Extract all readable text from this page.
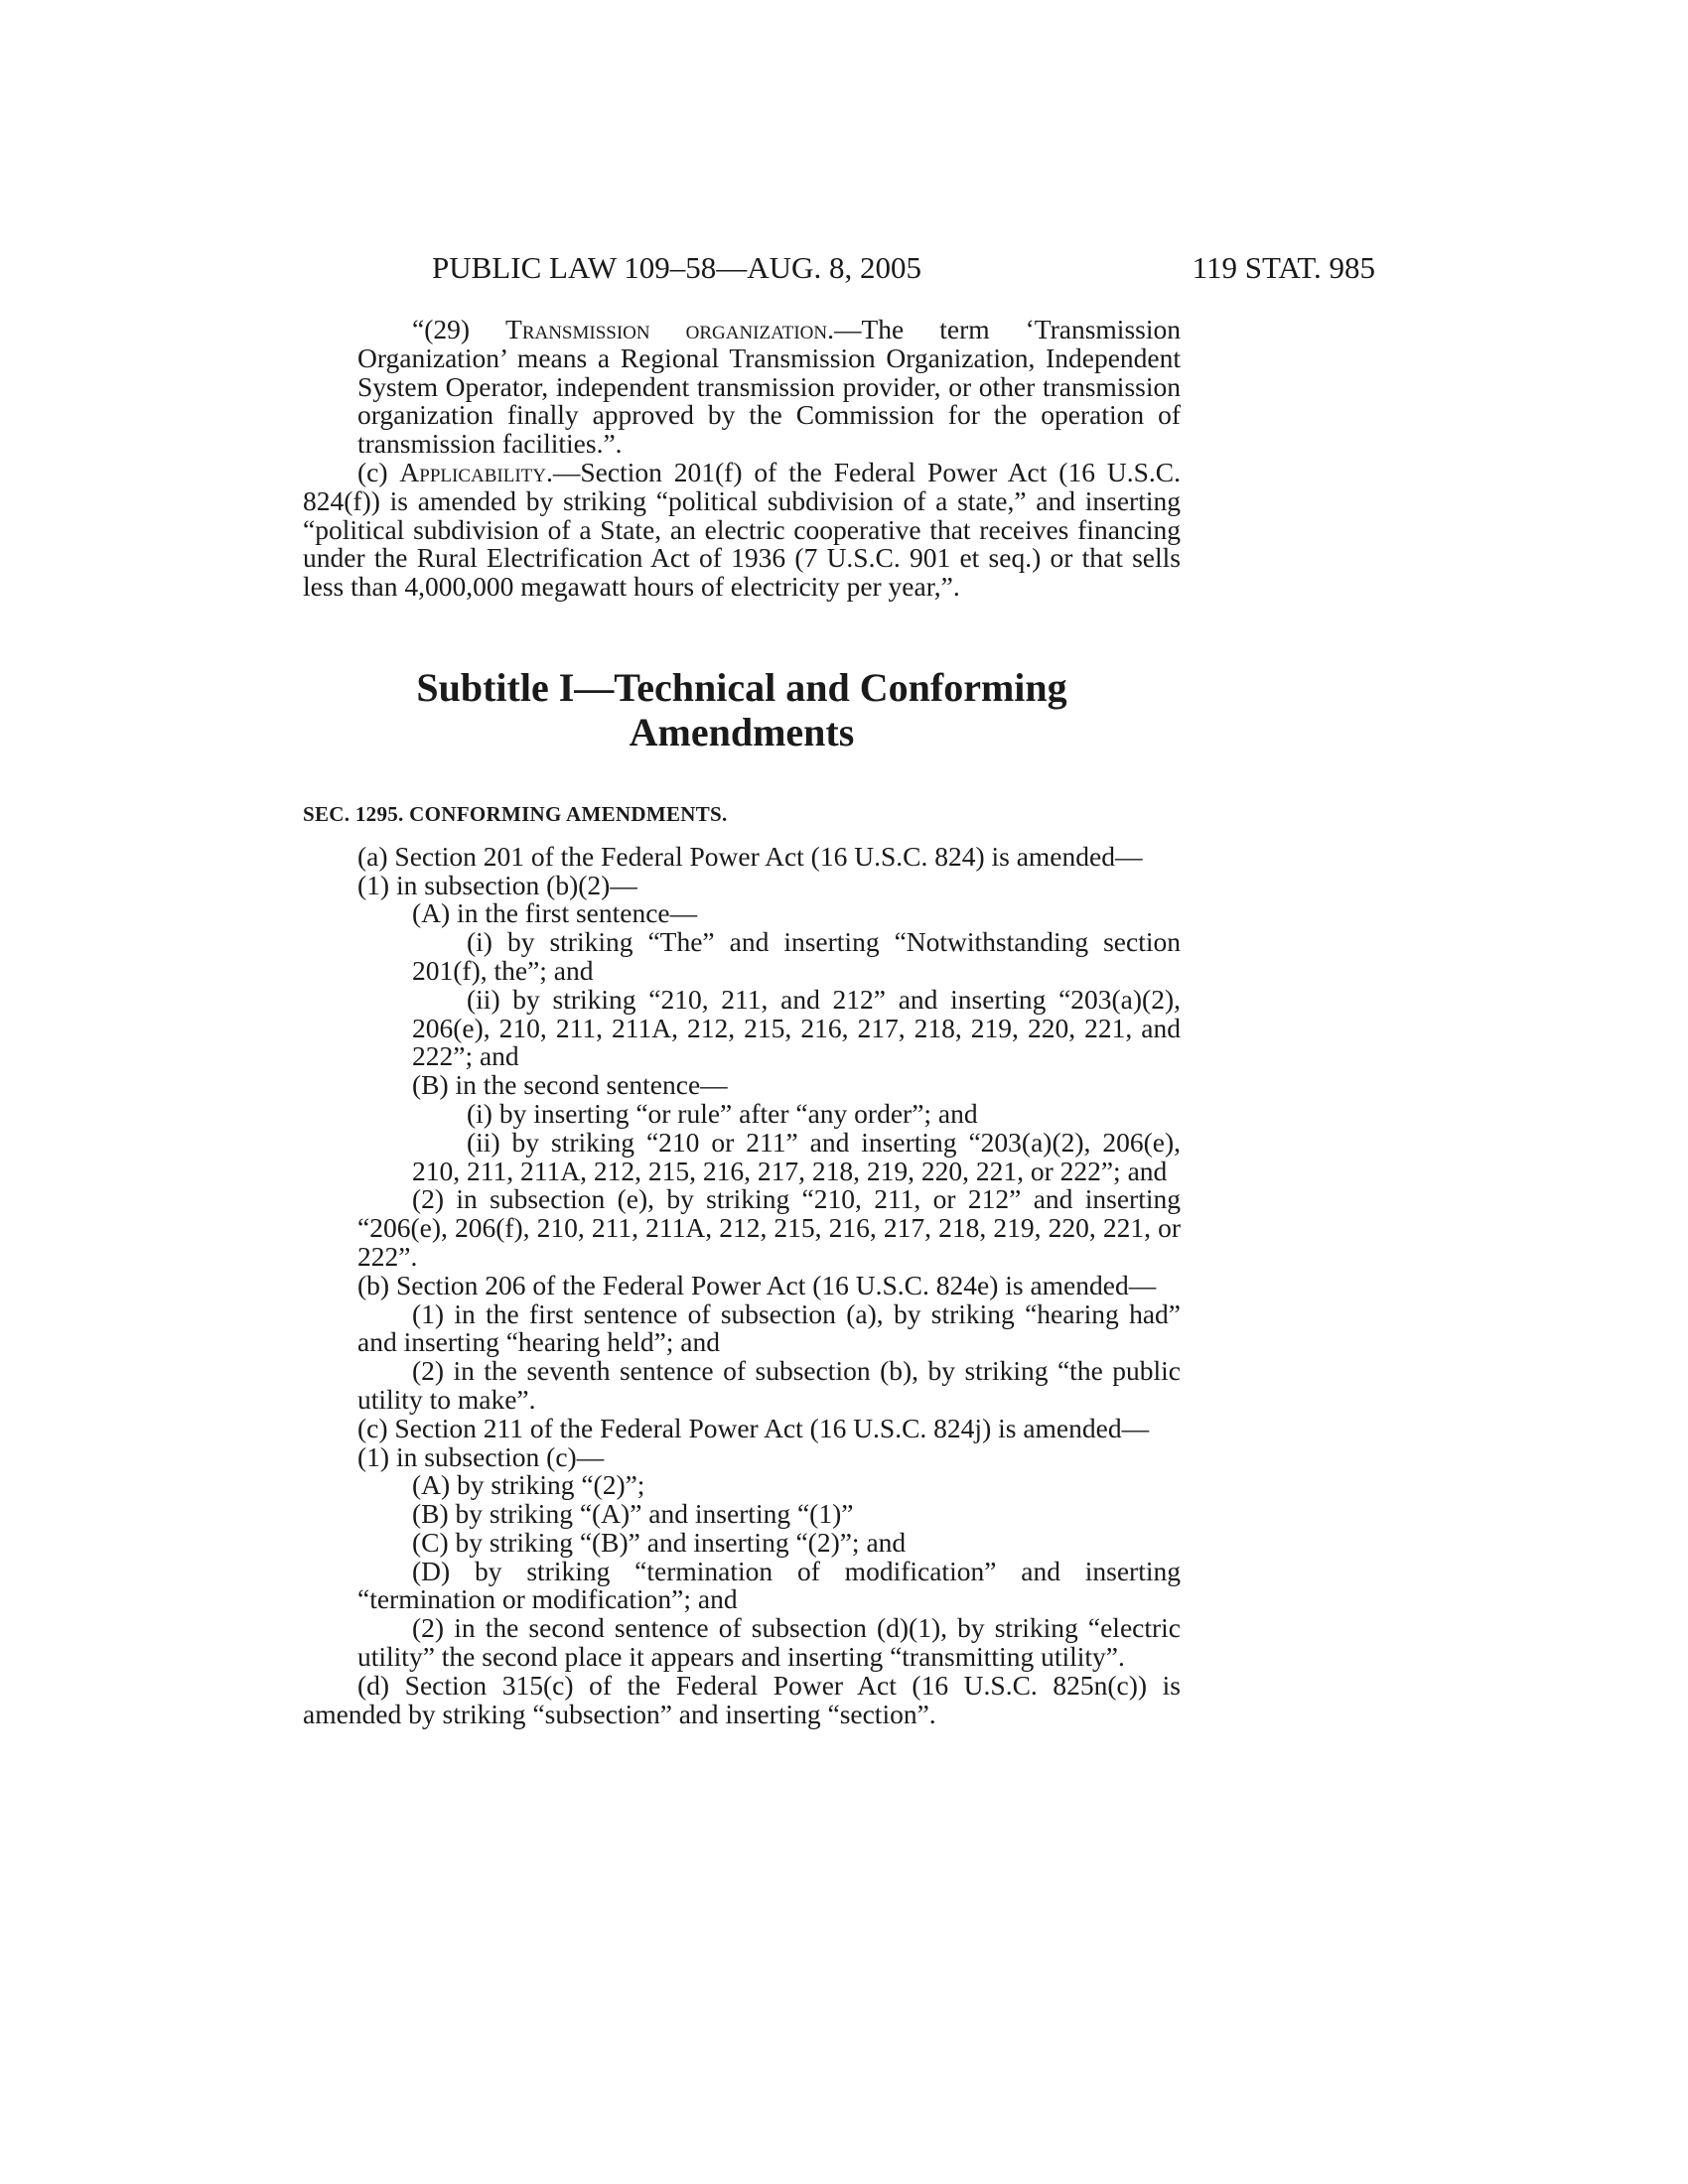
PUBLIC LAW 109–58—AUG. 8, 2005	119 STAT. 985

“(29) Transmission organization.—The term ‘Transmission Organization’ means a Regional Transmission Organization, Independent System Operator, independent transmission provider, or other transmission organization finally approved by the Commission for the operation of transmission facilities.”.

(c) Applicability.—Section 201(f) of the Federal Power Act (16 U.S.C. 824(f)) is amended by striking “political subdivision of a state,” and inserting “political subdivision of a State, an electric cooperative that receives financing under the Rural Electrification Act of 1936 (7 U.S.C. 901 et seq.) or that sells less than 4,000,000 megawatt hours of electricity per year,”.

Subtitle I—Technical and Conforming
Amendments

SEC. 1295. CONFORMING AMENDMENTS.

(a) Section 201 of the Federal Power Act (16 U.S.C. 824) is amended—

(1) in subsection (b)(2)—

(A) in the first sentence—

(i) by striking “The” and inserting “Notwithstanding section 201(f), the”; and

(ii) by striking “210, 211, and 212” and inserting “203(a)(2), 206(e), 210, 211, 211A, 212, 215, 216, 217, 218, 219, 220, 221, and 222”; and

(B) in the second sentence—

(i) by inserting “or rule” after “any order”; and

(ii) by striking “210 or 211” and inserting “203(a)(2), 206(e), 210, 211, 211A, 212, 215, 216, 217, 218, 219, 220, 221, or 222”; and

(2) in subsection (e), by striking “210, 211, or 212” and inserting “206(e), 206(f), 210, 211, 211A, 212, 215, 216, 217, 218, 219, 220, 221, or 222”.

(b) Section 206 of the Federal Power Act (16 U.S.C. 824e) is amended—

(1) in the first sentence of subsection (a), by striking “hearing had” and inserting “hearing held”; and

(2) in the seventh sentence of subsection (b), by striking “the public utility to make”.

(c) Section 211 of the Federal Power Act (16 U.S.C. 824j) is amended—

(1) in subsection (c)—

(A) by striking “(2)”;

(B) by striking “(A)” and inserting “(1)”

(C) by striking “(B)” and inserting “(2)”; and

(D) by striking “termination of modification” and inserting “termination or modification”; and

(2) in the second sentence of subsection (d)(1), by striking “electric utility” the second place it appears and inserting “transmitting utility”.

(d) Section 315(c) of the Federal Power Act (16 U.S.C. 825n(c)) is amended by striking “subsection” and inserting “section”.
